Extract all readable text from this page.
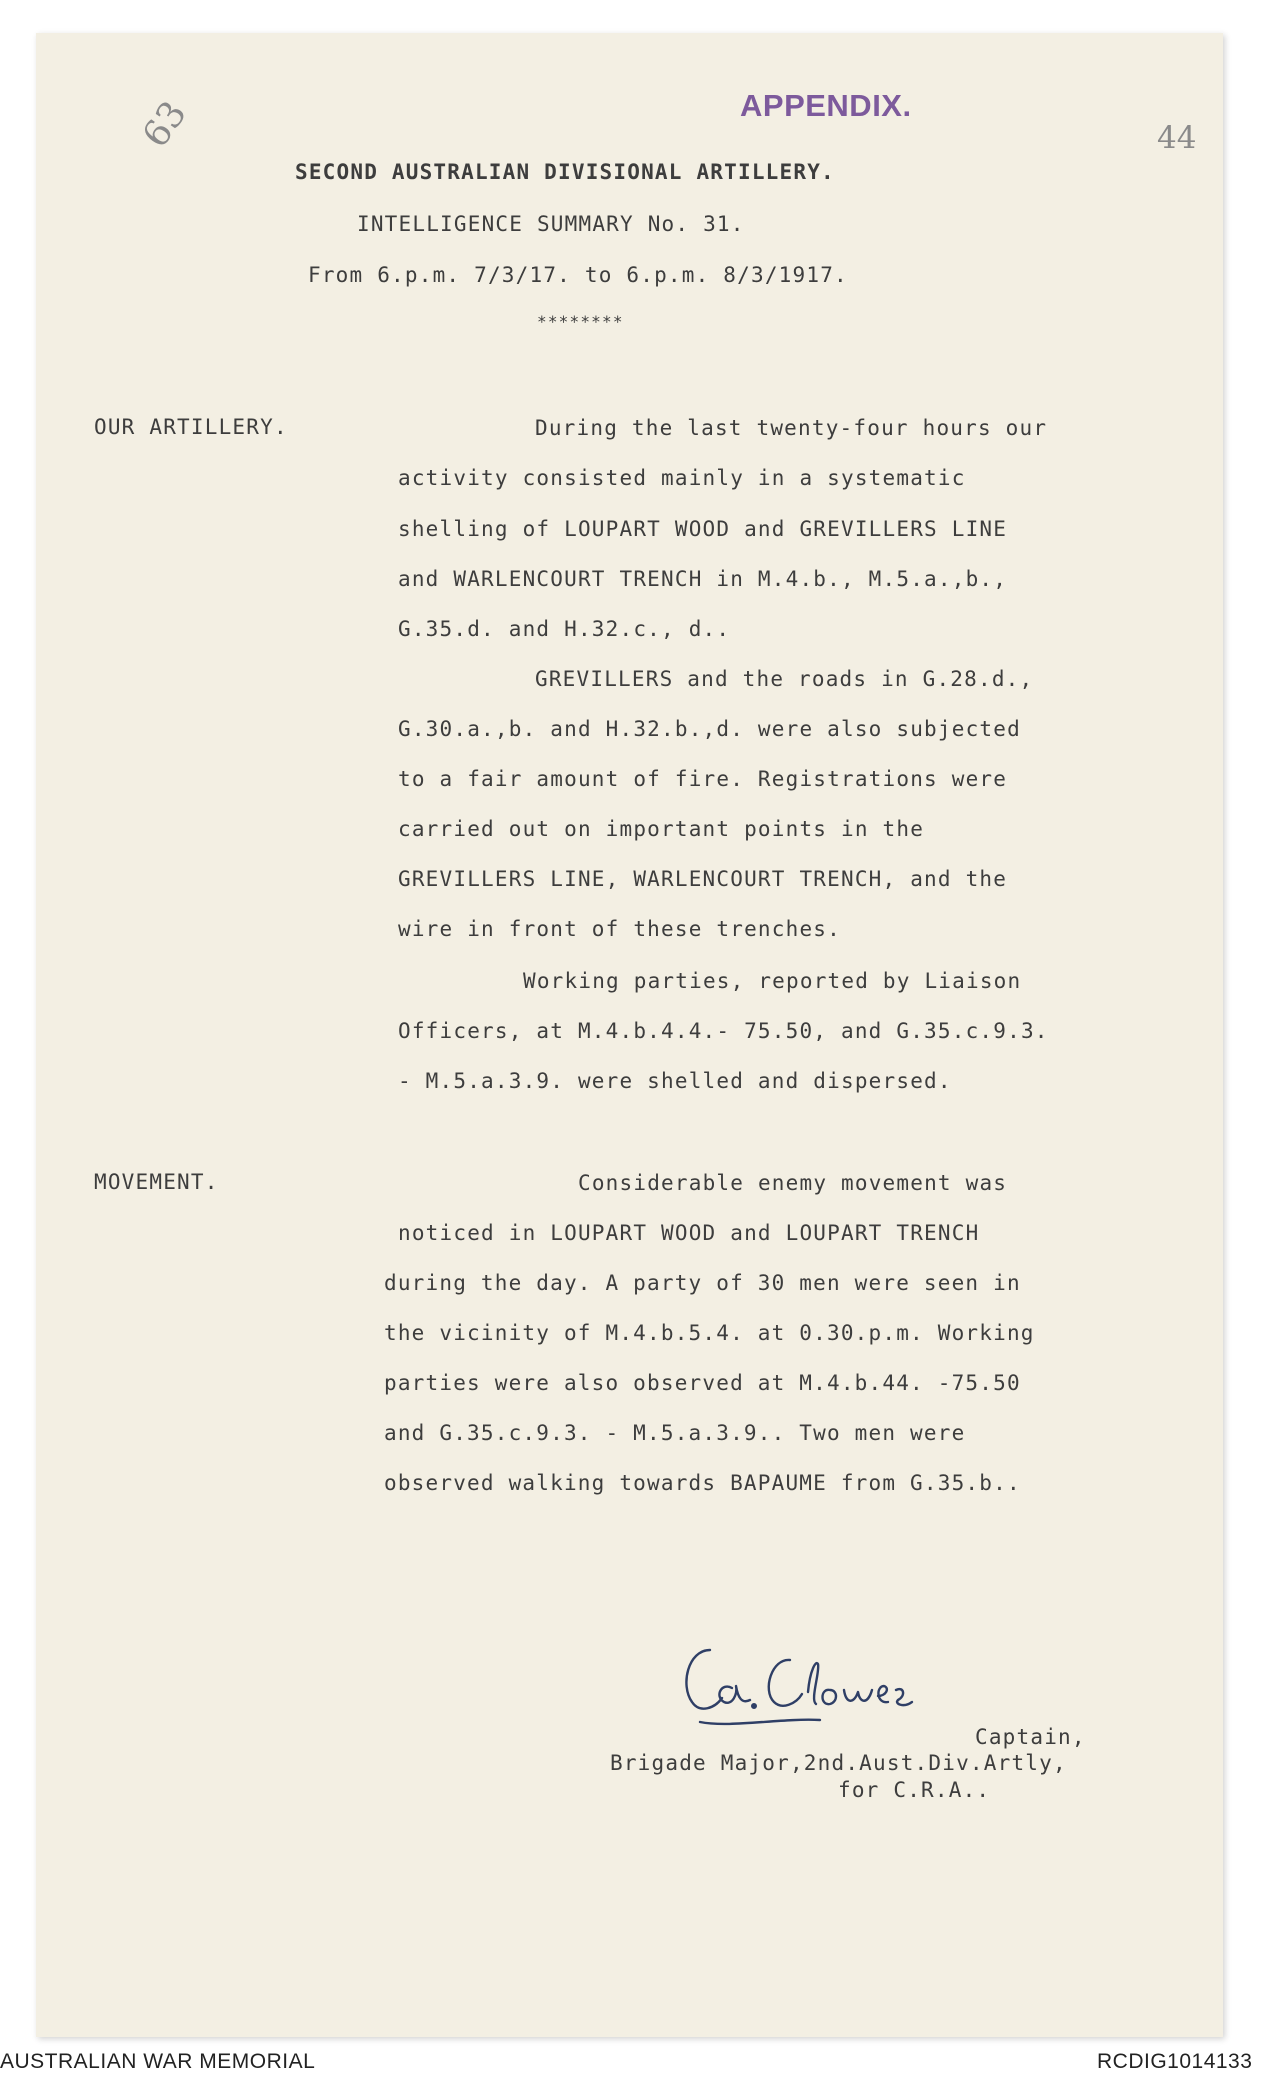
APPENDIX.
63	44
SECOND AUSTRALIAN DIVISIONAL ARTILLERY.
INTELLIGENCE SUMMARY No. 31.
From 6.p.m. 7/3/17. to 6.p.m. 8/3/1917.
********
OUR ARTILLERY.	During the last twenty-four hours our
activity consisted mainly in a systematic
shelling of LOUPART WOOD and GREVILLERS LINE
and WARLENCOURT TRENCH in M.4.b., M.5.a.,b.,
G.35.d. and H.32.c., d..
GREVILLERS and the roads in G.28.d.,
G.30.a.,b. and H.32.b.,d. were also subjected
to a fair amount of fire. Registrations were
carried out on important points in the
GREVILLERS LINE, WARLENCOURT TRENCH, and the
wire in front of these trenches.
Working parties, reported by Liaison
Officers, at M.4.b.4.4.- 75.50, and G.35.c.9.3.
- M.5.a.3.9. were shelled and dispersed.
MOVEMENT.	Considerable enemy movement was
noticed in LOUPART WOOD and LOUPART TRENCH
during the day. A party of 30 men were seen in
the vicinity of M.4.b.5.4. at 0.30.p.m. Working
parties were also observed at M.4.b.44. -75.50
and G.35.c.9.3. - M.5.a.3.9.. Two men were
observed walking towards BAPAUME from G.35.b..
Captain,
Brigade Major,2nd.Aust.Div.Artly,
for C.R.A..
AUSTRALIAN WAR MEMORIAL	RCDIG1014133
